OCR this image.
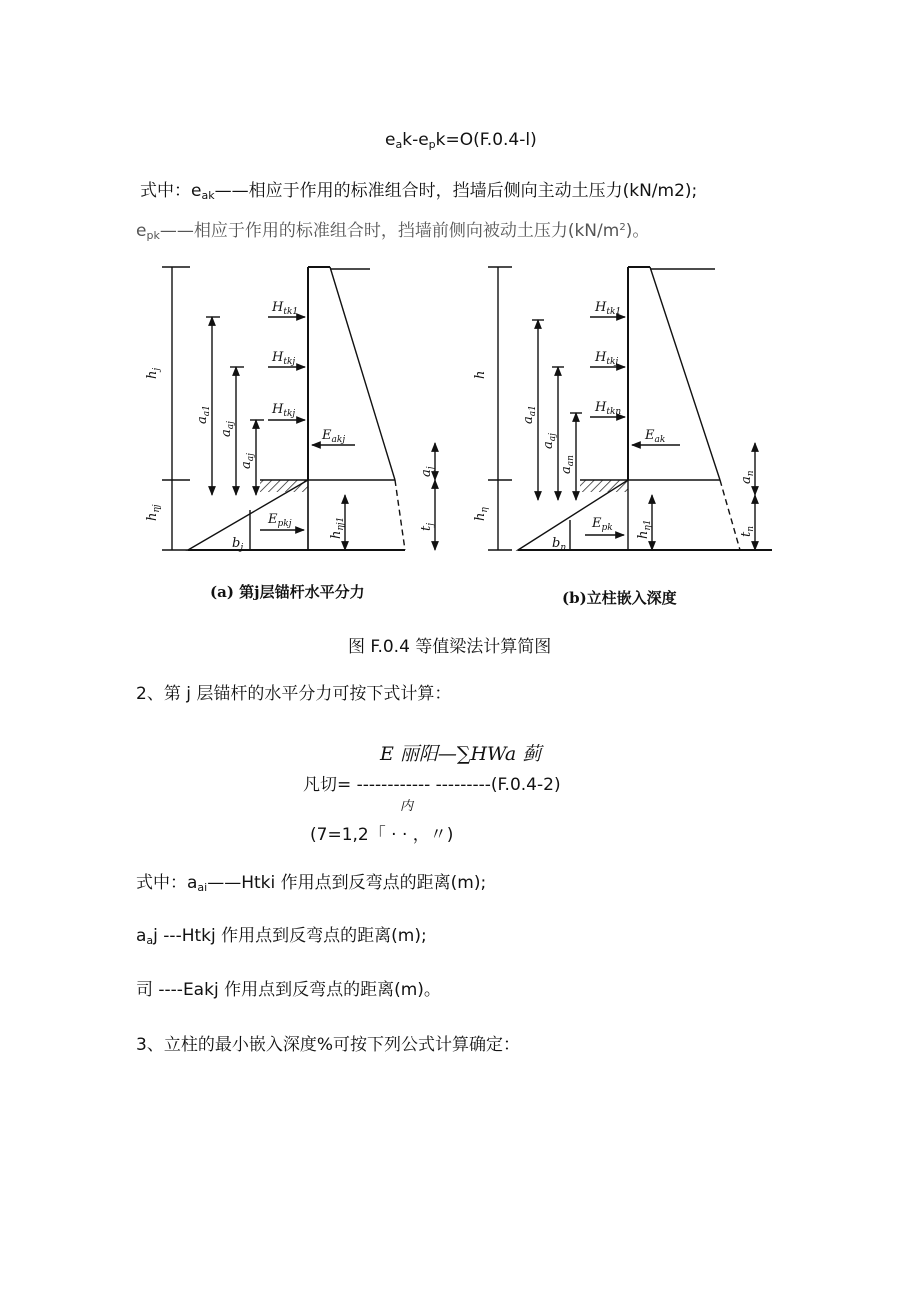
$e_ak-e_pk=O(F.0.4-l)$
式中：$e_{ak}——$相应于作用的标准组合时，挡墙后侧向主动土压力(kN/m2);
$e_{pk}——$相应于作用的标准组合时，挡墙前侧向被动土压力$(kN/m^2)$。
$h_j$
$h_{\eta j}$
$a_{a1}$
$a_{aj}$
$a_{aj}$
$H_{tk1}$
$H_{tkj}$
$H_{tkj}$
$E_{akj}$
$E_{pkj}$
$h_{\eta j1}$
$a_j$
$t_j$
$b_j$
(a) 第j层锚杆水平分力
h
$h_\eta$
$a_{a1}$
$a_{aj}$
$a_{an}$
$H_{tk1}$
$H_{tkj}$
$H_{tkn}$
$E_{ak}$
$E_{pk}$
$h_{\eta 1}$
$a_n$
$t_n$
$b_n$
(b)立柱嵌入深度
图 F.0.4 等值梁法计算简图
2、第 j 层锚杆的水平分力可按下式计算：
E 丽阳—∑HWa 蓟
凡切= ------------ ---------(F.0.4-2)
内
(7=1,2「 · · ，〃)
式中：$a_{ai}——Htki$ 作用点到反弯点的距离(m);
$a_aj$ ---Htkj 作用点到反弯点的距离(m);
司 ----Eakj 作用点到反弯点的距离(m)。
3、立柱的最小嵌入深度%可按下列公式计算确定：
